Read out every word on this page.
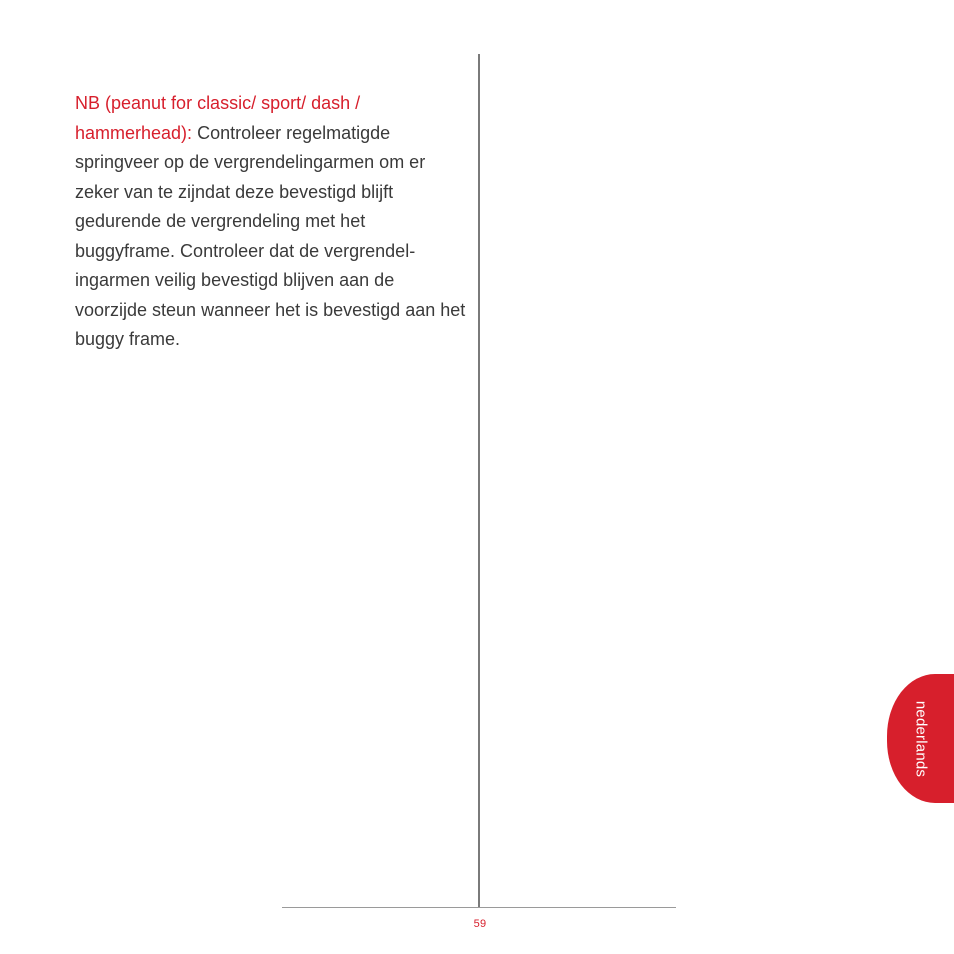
NB (peanut for classic/ sport/ dash / hammerhead): Controleer regelmatigde springveer op de vergrendelingarmen om er zeker van te zijndat deze bevestigd blijft gedurende de vergrendeling met het buggyframe. Controleer dat de vergrendel-ingarmen veilig bevestigd blijven aan de voorzijde steun wanneer het is bevestigd aan het buggy frame.

nederlands
59
